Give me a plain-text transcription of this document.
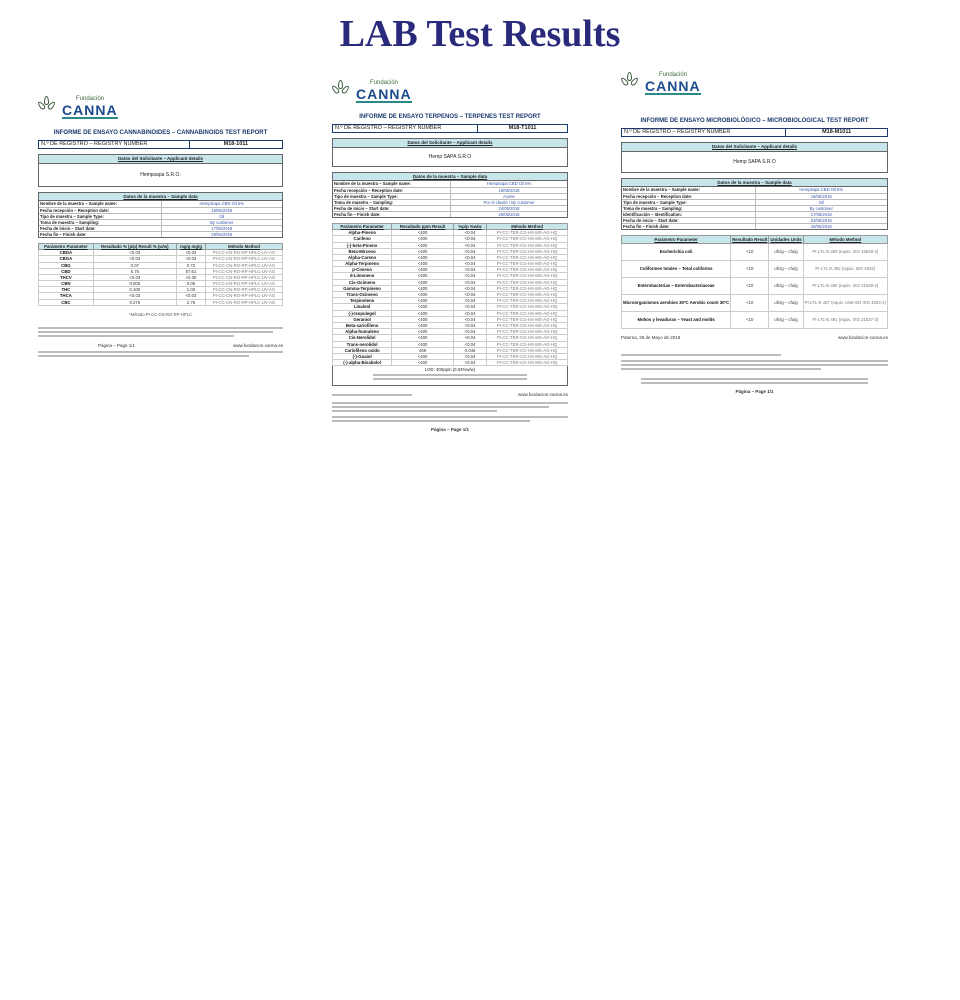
LAB Test Results
Fundación
CANNA
INFORME DE ENSAYO CANNABINOIDES – CANNABINOIDS TEST REPORT
N.º DE REGISTRO – REGISTRY NUMBER	M18-1011
Datos del Solicitante – Applicant details
Hempsapa S.R.O.
Datos de la muestra – Sample data
Nombre de la muestra – Sample name:	HempSapa CBD Oil 5%
Fecha recepción – Reception date:	16/05/2018
Tipo de muestra – Sample Type:	Oil
Toma de muestra – Sampling:	By customer
Fecha de inicio – Start date:	17/05/2018
Fecha fin – Finish date:	29/05/2018
Parámetro Parameter	Resultado % (p/p) Result % (w/w)	mg/g mg/g	Método Method
CBDA	<0.03	<0.03	PI-CC-CN-RO-RP-HPLC-UV-AG
CBGA	<0.03	<0.03	PI-CC-CN-RO-RP-HPLC-UV-AG
CBG	0.07	0.72	PI-CC-CN-RO-RP-HPLC-UV-AG
CBD	5.76	57.61	PI-CC-CN-RO-RP-HPLC-UV-AG
THCV	<0.03	<0.30	PI-CC-CN-RO-RP-HPLC-UV-AG
CBN	0.005	0.05	PI-CC-CN-RO-RP-HPLC-UV-AG
THC	0.100	1.00	PI-CC-CN-RO-RP-HPLC-UV-AG
THCA	<0.03	<0.03	PI-CC-CN-RO-RP-HPLC-UV-AG
CBC	0.276	2.76	PI-CC-CN-RO-RP-HPLC-UV-AG
*Método PI-CC-CN-RO-RP-HPLC
Página – Page 1/1	www.fundacion-canna.es
Fundación
CANNA
INFORME DE ENSAYO TERPENOS – TERPENES TEST REPORT
N.º DE REGISTRO – REGISTRY NUMBER	M18-T1011
Datos del Solicitante – Applicant details
Hemp SAPA S.R.O
Datos de la muestra – Sample data
Nombre de la muestra – Sample name:	HempSapa CBD Oil 5%
Fecha recepción – Reception date:	16/05/2018
Tipo de muestra – Sample Type:	Aceite
Toma de muestra – Sampling:	Por el cliente / By customer
Fecha de inicio – Start date:	24/05/2018
Fecha fin – Finish date:	25/05/2018
Parámetro Parameter	Resultado ppm Result	%p/p %w/w	Método Method
Alpha-Pineno	<400	<0.04	PI-CC-TER-CG-HS-MS-AG-HQ
Canfeno	<400	<0.04	PI-CC-TER-CG-HS-MS-AG-HQ
(-)-beta-Pineno	<400	<0.04	PI-CC-TER-CG-HS-MS-AG-HQ
Beta-Mirceno	<400	<0.04	PI-CC-TER-CG-HS-MS-AG-HQ
Alpha-Careno	<400	<0.04	PI-CC-TER-CG-HS-MS-AG-HQ
Alpha-Terpineno	<400	<0.04	PI-CC-TER-CG-HS-MS-AG-HQ
p-Cimeno	<400	<0.04	PI-CC-TER-CG-HS-MS-AG-HQ
d-Limoneno	<400	<0.04	PI-CC-TER-CG-HS-MS-AG-HQ
Cis-Ocimeno	<400	<0.04	PI-CC-TER-CG-HS-MS-AG-HQ
Gamma-Terpineno	<400	<0.04	PI-CC-TER-CG-HS-MS-AG-HQ
Trans-Ocimeno	<400	<0.04	PI-CC-TER-CG-HS-MS-AG-HQ
Terpinoleno	<400	<0.04	PI-CC-TER-CG-HS-MS-AG-HQ
Linalool	<400	<0.04	PI-CC-TER-CG-HS-MS-AG-HQ
(-)-Isopulegol	<400	<0.04	PI-CC-TER-CG-HS-MS-AG-HQ
Geraniol	<400	<0.04	PI-CC-TER-CG-HS-MS-AG-HQ
Beta-cariofileno	<400	<0.04	PI-CC-TER-CG-HS-MS-AG-HQ
Alpha-humuleno	<400	<0.04	PI-CC-TER-CG-HS-MS-AG-HQ
Cis-Nerolidol	<400	<0.04	PI-CC-TER-CG-HS-MS-AG-HQ
Trans-nerolidol	<400	<0.04	PI-CC-TER-CG-HS-MS-AG-HQ
Cariofileno oxido	459	0.046	PI-CC-TER-CG-HS-MS-AG-HQ
(-)-Guaiol	<400	<0.04	PI-CC-TER-CG-HS-MS-AG-HQ
(-)-alpha-Bisabolol	<400	<0.04	PI-CC-TER-CG-HS-MS-AG-HQ
LOD: 400ppm (0.04%w/w)
www.fundacion-canna.es
Página – Page 1/1
Fundación
CANNA
INFORME DE ENSAYO MICROBIOLÓGICO – MICROBIOLOGICAL TEST REPORT
N.º DE REGISTRO – REGISTRY NUMBER	M18-M1011
Datos del Solicitante – Applicant details
Hemp SAPA S.R.O
Datos de la muestra – Sample data
Nombre de la muestra – Sample name:	Hempsapa CBD Oil 5%
Fecha recepción – Reception date:	16/05/2018
Tipo de muestra – Sample Type:	Oil
Toma de muestra – Sampling:	By customer
Identificación – Identification:	17/05/2018
Fecha de inicio – Start date:	22/05/2018
Fecha fin – Finish date:	25/05/2018
Parámetro Parameter	Resultado Result	Unidades Units	Método Method
Escherichia coli	<10	ufc/g – cfu/g	PI-LTL-E.489 (equiv. ISO 16649-2)
Coliformes totales – Total coliforms	<10	ufc/g – cfu/g	PI-LTL-E.482 (equiv. ISO 4832)
Enterobacterias – Enterobacteriaceae	<10	ufc/g – cfu/g	PI-LTL-E.490 (equiv. ISO 21528-2)
Microorganismos aerobios 30ºC Aerobic count 30ºC	<10	ufc/g – cfu/g	PI-LTL-E.487 (equiv. UNE-EN ISO 4833-1)
Mohos y levaduras – Yeast and molds	<10	ufc/g – cfu/g	PI-LTL-E.481 (equiv. ISO 21527-2)
Paterna, 29 de Mayo de 2018	www.fundacion-canna.es
Página – Page 1/1
